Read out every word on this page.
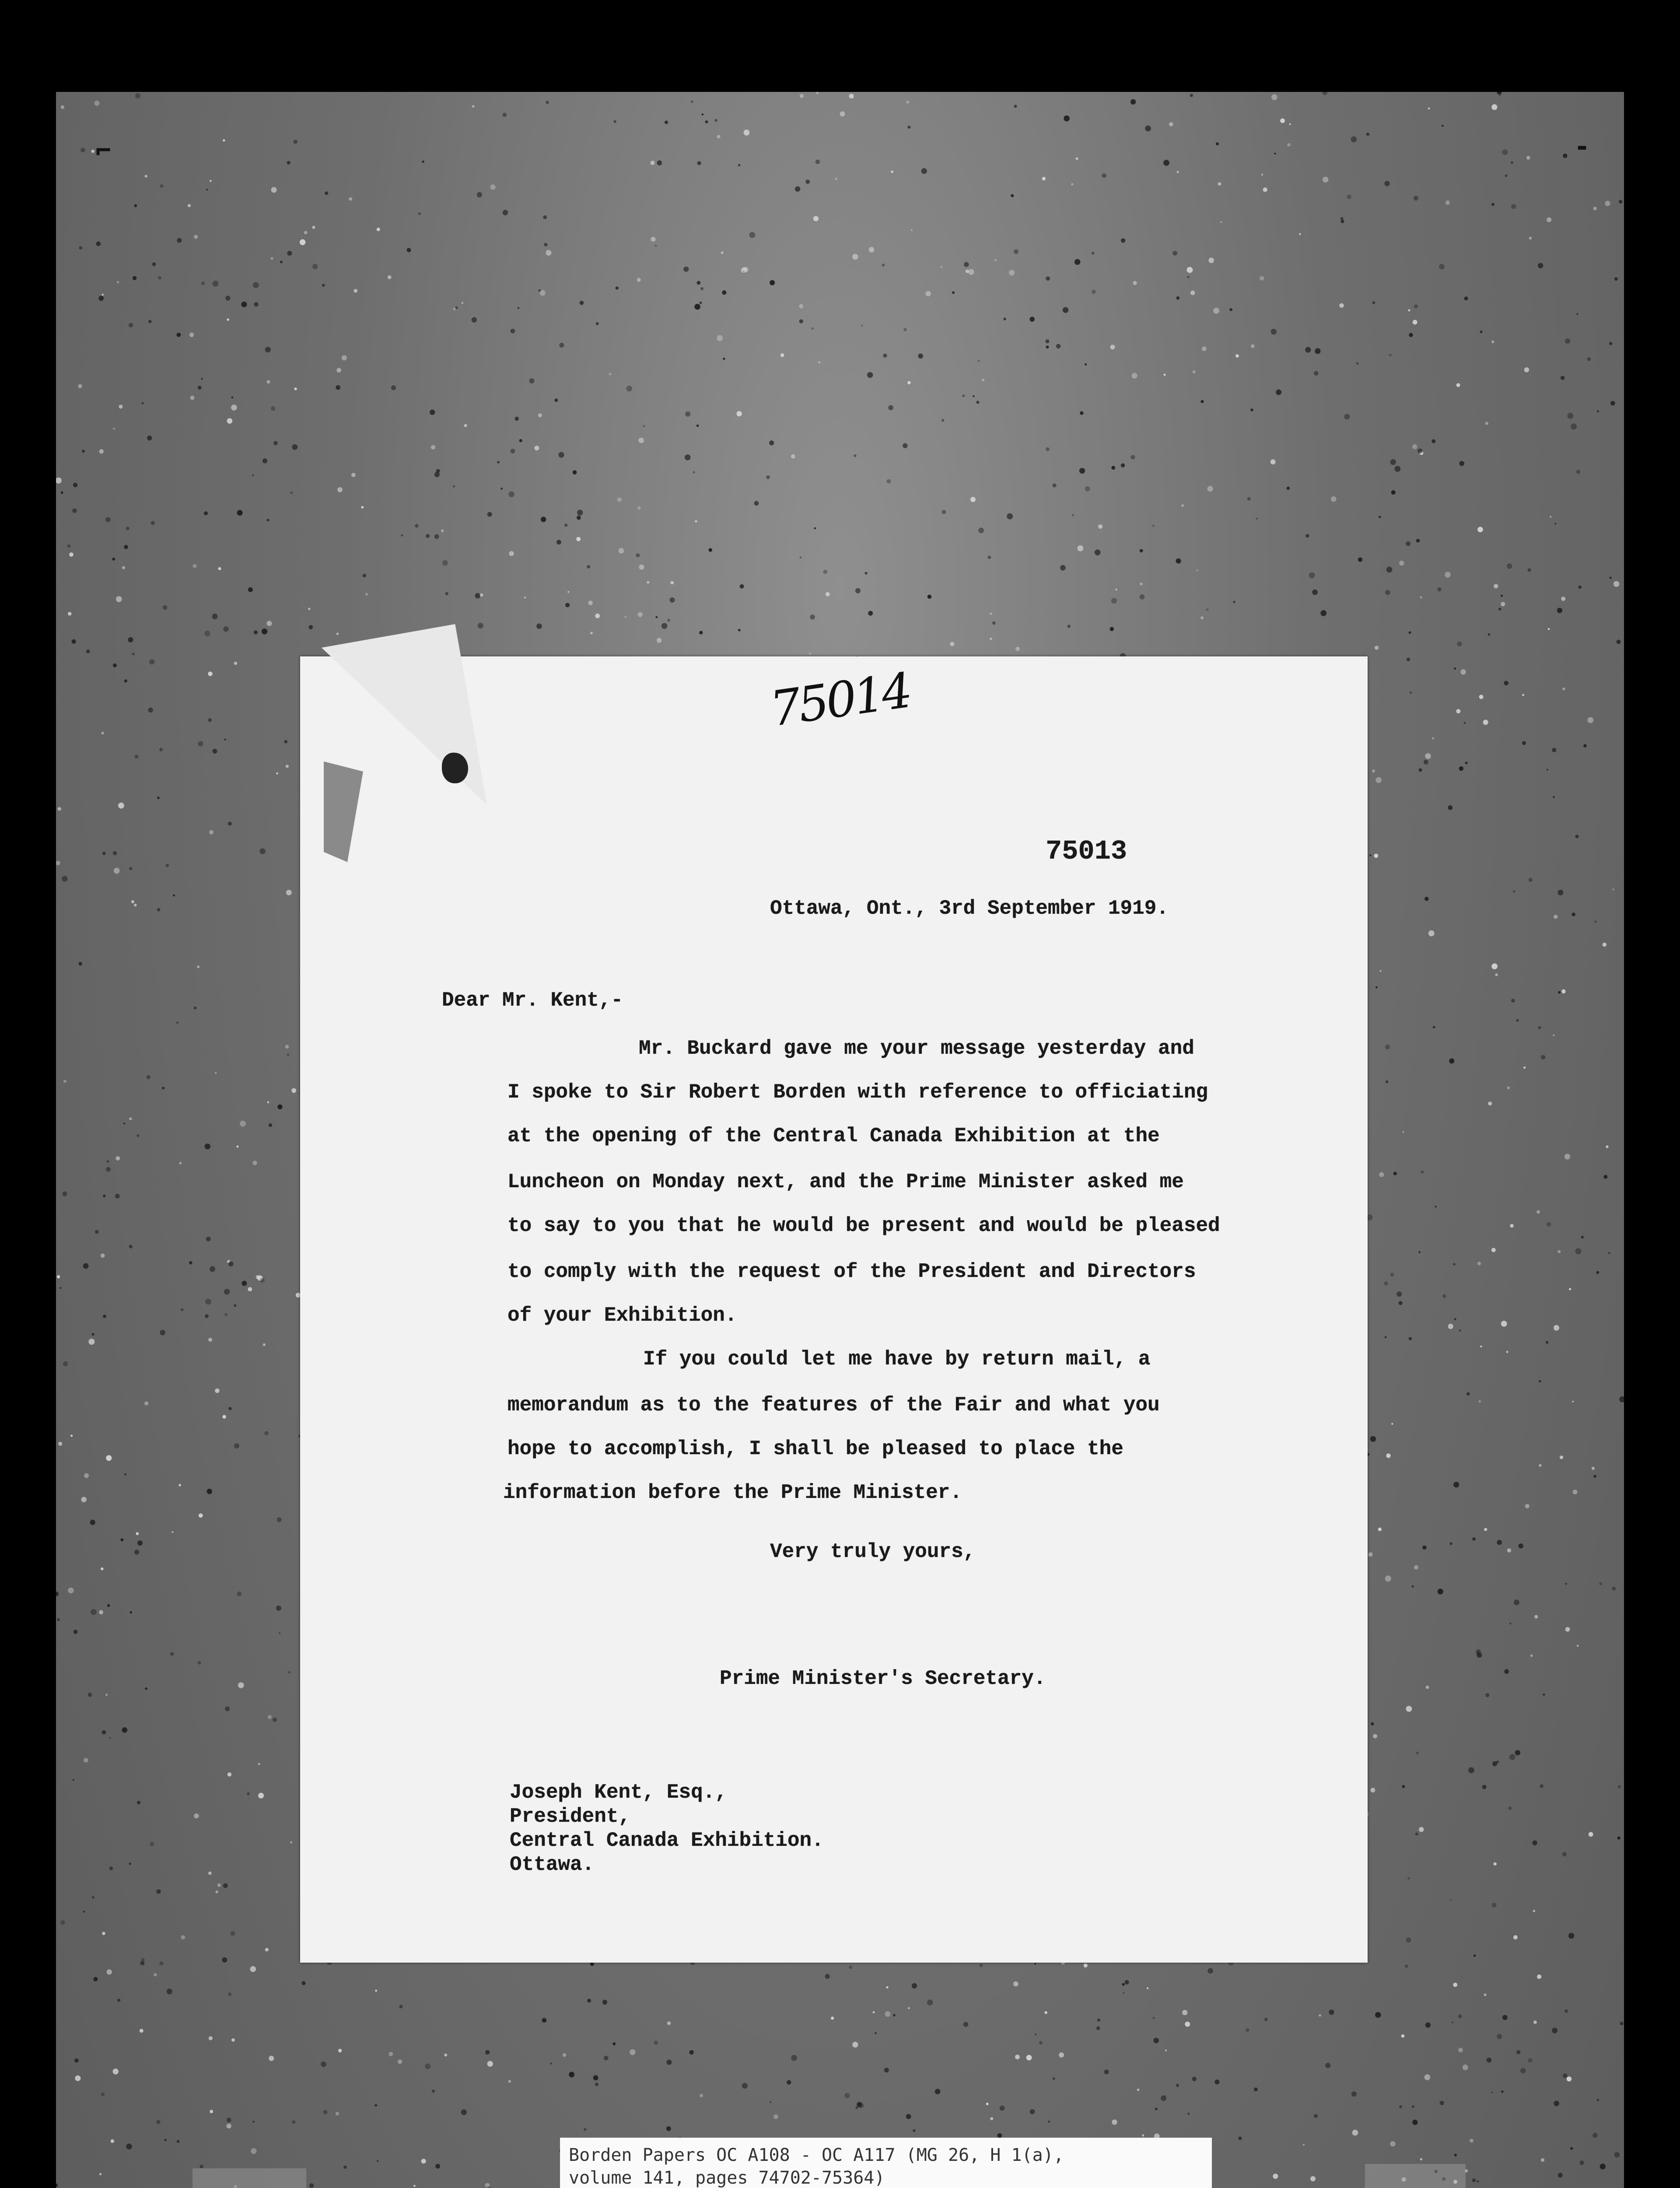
⌐	-
75014
75013
Ottawa, Ont., 3rd September 1919.
Dear Mr. Kent,-
Mr. Buckard gave me your message yesterday and
I spoke to Sir Robert Borden with reference to officiating
at the opening of the Central Canada Exhibition at the
Luncheon on Monday next, and the Prime Minister asked me
to say to you that he would be present and would be pleased
to comply with the request of the President and Directors
of your Exhibition.
If you could let me have by return mail, a
memorandum as to the features of the Fair and what you
hope to accomplish, I shall be pleased to place the
information before the Prime Minister.
Very truly yours,
Prime Minister's Secretary.
Joseph Kent, Esq.,
President,
Central Canada Exhibition.
Ottawa.
Borden Papers OC A108 - OC A117 (MG 26, H 1(a),
volume 141, pages 74702-75364)
